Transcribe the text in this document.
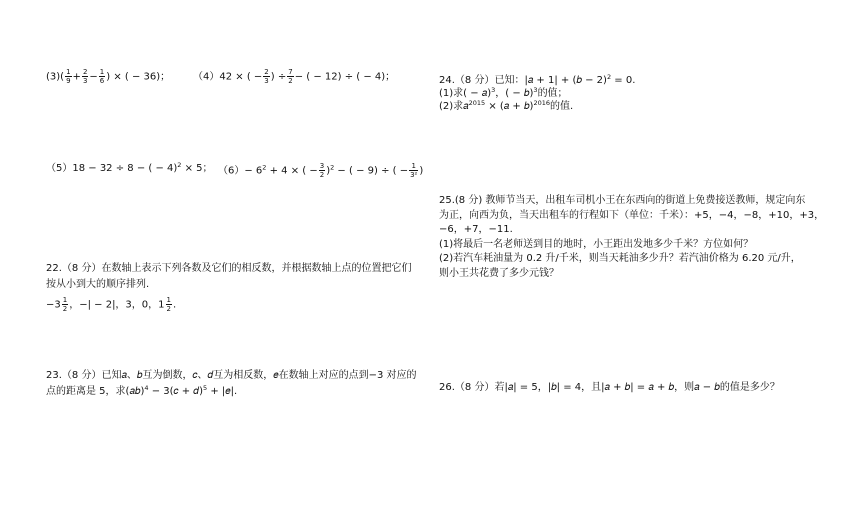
$(3)( \frac{1}{9} + \frac{2}{3} - \frac{1}{6}$ ) × ( − 36)； （4）42 × ( − $\frac{2}{3}$ ) ÷ $\frac{7}{2}$ − ( − 12) ÷ ( − 4)；
（5）18 − 32 ÷ 8 − ( − 4)$^2$ × 5； $(6)- 6^2 + 4$ × ( − $\frac{3}{2} )^2$ − ( − 9) ÷ ( − $\frac{1}{\text{3²}}$ )
22.（8 分）在数轴上表示下列各数及它们的相反数，并根据数轴上点的位置把它们
按从小到大的顺序排列.
$-3 \frac{1}{2}$ ，−| − 2|，3，0，$1 \frac{1}{2}$ .
23.（8 分）已知𝑎、𝑏互为倒数，𝑐、𝑑互为相反数，𝑒在数轴上对应的点到−3 对应的
点的距离是 5，求(𝑎𝑏)$^4$ − 3(𝑐 + 𝑑)$^5$ + |𝑒|.
24.（8 分）已知：|𝑎 + 1| + (𝑏 − 2)$^2$ = 0.
(1)求( − 𝑎)$^3$，( − 𝑏)$^3$的值；
(2)求𝑎$^{2015}$ × (𝑎 + 𝑏)$^{2016}$的值.
25.(8 分) 教师节当天，出租车司机小王在东西向的街道上免费接送教师，规定向东
为正，向西为负，当天出租车的行程如下（单位：千米）：+5，−4，−8，+10，+3，
−6，+7，−11.
(1)将最后一名老师送到目的地时，小王距出发地多少千米？方位如何？
(2)若汽车耗油量为 0.2 升/千米，则当天耗油多少升？若汽油价格为 6.20 元/升，
则小王共花费了多少元钱？
26.（8 分）若|𝑎| = 5，|𝑏| = 4，且|𝑎 + 𝑏| = 𝑎 + 𝑏，则𝑎 − 𝑏的值是多少？
